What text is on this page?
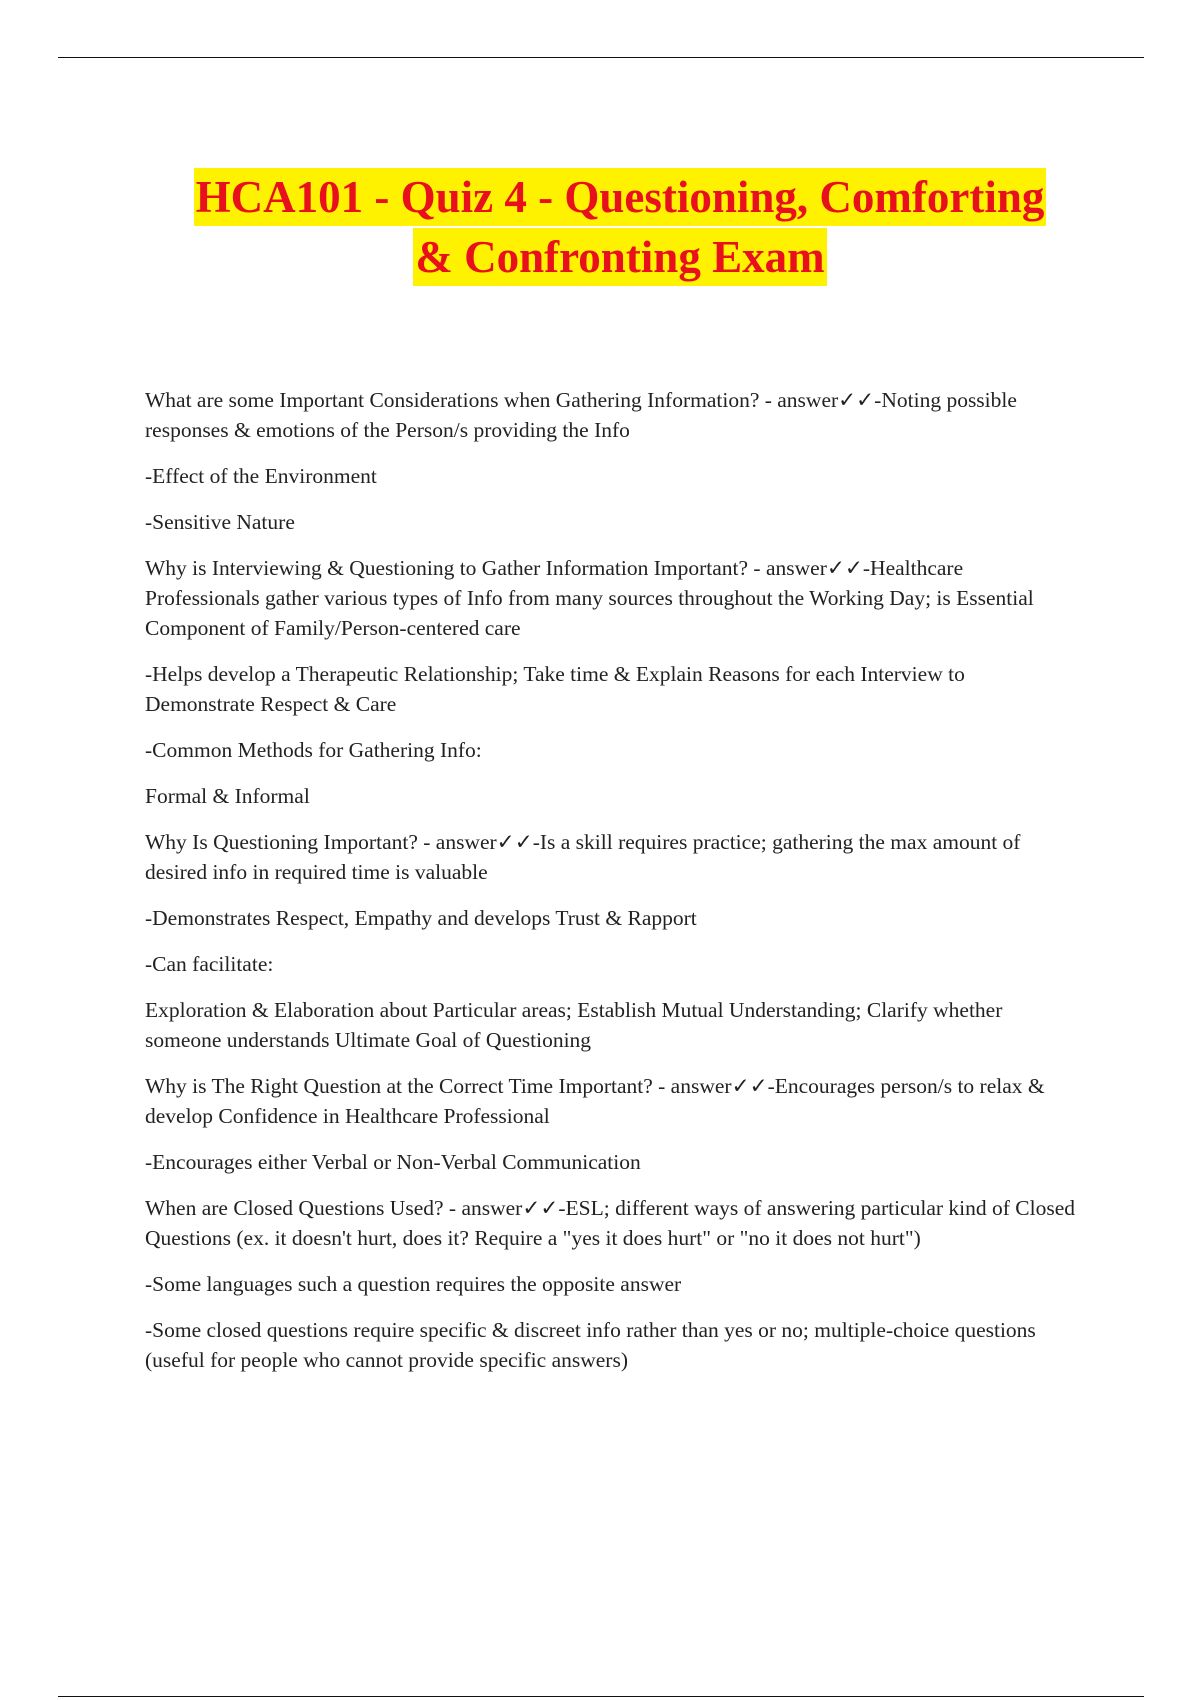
HCA101 - Quiz 4 - Questioning, Comforting
& Confronting Exam

What are some Important Considerations when Gathering Information? - answer✓✓-Noting possible responses & emotions of the Person/s providing the Info

-Effect of the Environment

-Sensitive Nature

Why is Interviewing & Questioning to Gather Information Important? - answer✓✓-Healthcare Professionals gather various types of Info from many sources throughout the Working Day; is Essential Component of Family/Person-centered care

-Helps develop a Therapeutic Relationship; Take time & Explain Reasons for each Interview to Demonstrate Respect & Care

-Common Methods for Gathering Info:

Formal & Informal

Why Is Questioning Important? - answer✓✓-Is a skill requires practice; gathering the max amount of desired info in required time is valuable

-Demonstrates Respect, Empathy and develops Trust & Rapport

-Can facilitate:

Exploration & Elaboration about Particular areas; Establish Mutual Understanding; Clarify whether someone understands Ultimate Goal of Questioning

Why is The Right Question at the Correct Time Important? - answer✓✓-Encourages person/s to relax & develop Confidence in Healthcare Professional

-Encourages either Verbal or Non-Verbal Communication

When are Closed Questions Used? - answer✓✓-ESL; different ways of answering particular kind of Closed Questions (ex. it doesn't hurt, does it? Require a "yes it does hurt" or "no it does not hurt")

-Some languages such a question requires the opposite answer

-Some closed questions require specific & discreet info rather than yes or no; multiple-choice questions (useful for people who cannot provide specific answers)
